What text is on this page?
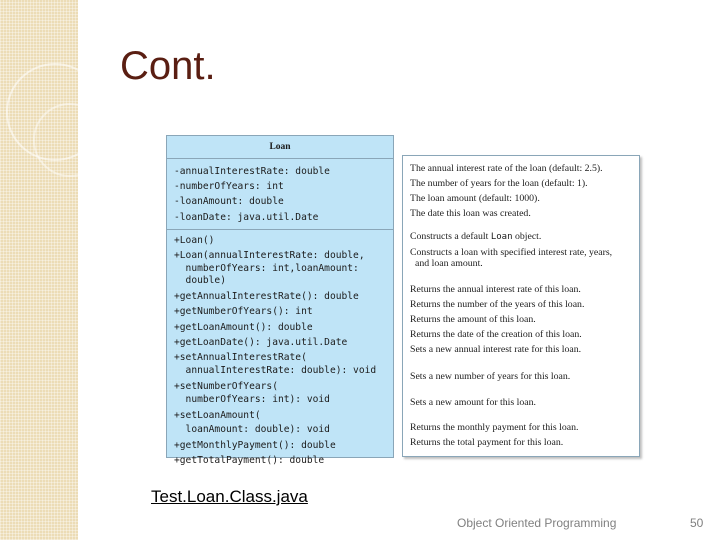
Cont.
Loan
-annualInterestRate: double
-numberOfYears: int
-loanAmount: double
-loanDate: java.util.Date
+Loan()
+Loan(annualInterestRate: double,
numberOfYears: int,loanAmount:
double)
+getAnnualInterestRate(): double
+getNumberOfYears(): int
+getLoanAmount(): double
+getLoanDate(): java.util.Date
+setAnnualInterestRate(
annualInterestRate: double): void
+setNumberOfYears(
numberOfYears: int): void
+setLoanAmount(
loanAmount: double): void
+getMonthlyPayment(): double
+getTotalPayment(): double
The annual interest rate of the loan (default: 2.5).
The number of years for the loan (default: 1).
The loan amount (default: 1000).
The date this loan was created.
Constructs a default Loan object.
Constructs a loan with specified interest rate, years,
and loan amount.
Returns the annual interest rate of this loan.
Returns the number of the years of this loan.
Returns the amount of this loan.
Returns the date of the creation of this loan.
Sets a new annual interest rate for this loan.
Sets a new number of years for this loan.
Sets a new amount for this loan.
Returns the monthly payment for this loan.
Returns the total payment for this loan.
Test.Loan.Class.java
Object Oriented Programming	50
